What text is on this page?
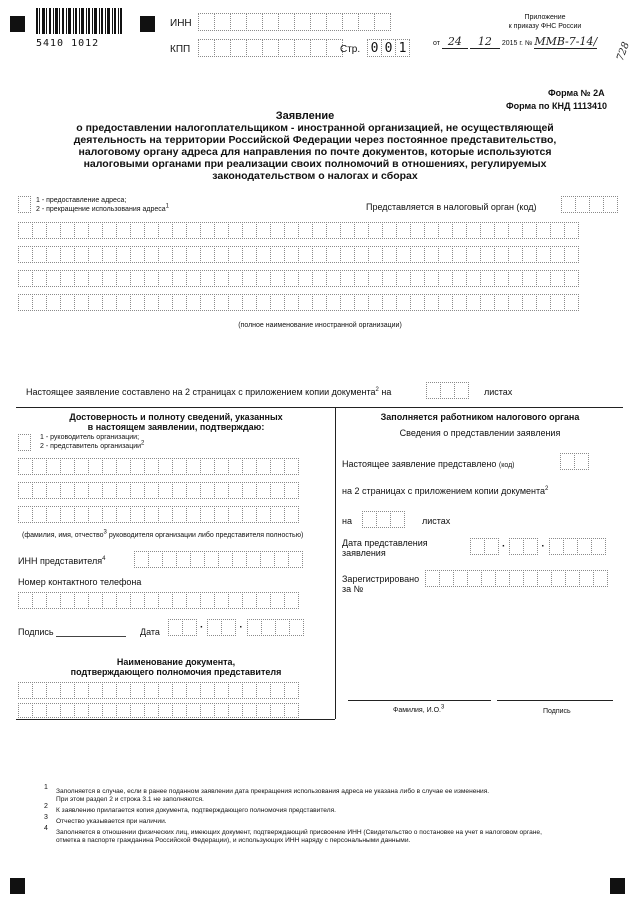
5410 1012
ИНН
КПП	Стр. 0 0 1
Приложение
к приказу ФНС России
от 24 12 2015 г. № ММВ-7-14/	728
Форма № 2А
Форма по КНД 1113410
Заявление
о предоставлении налогоплательщиком - иностранной организацией, не осуществляющей
деятельность на территории Российской Федерации через постоянное представительство,
налоговому органу адреса для направления по почте документов, которые используются
налоговыми органами при реализации своих полномочий в отношениях, регулируемых
законодательством о налогах и сборах
1 - предоставление адреса;
2 - прекращение использования адреса1	Представляется в налоговый орган (код)
(полное наименование иностранной организации)
Настоящее заявление составлено на 2 страницах с приложением копии документа$^2$ на	листах
Достоверность и полноту сведений, указанных
в настоящем заявлении, подтверждаю:
1 - руководитель организации;
2 - представитель организации2
(фамилия, имя, отчество3 руководителя организации либо представителя полностью)
ИНН представителя$^4$
Номер контактного телефона
Подпись	Дата	·	·
Наименование документа,
подтверждающего полномочия представителя
Заполняется работником налогового органа
Сведения о представлении заявления
Настоящее заявление представлено (код)
на 2 страницах с приложением копии документа$^2$
на	листах
Дата представления
заявления
·	·
Зарегистрировано
за №
Фамилия, И.О.3
Подпись
1
Заполняется в случае, если в ранее поданном заявлении дата прекращения использования адреса не указана либо в случае ее изменения.
При этом раздел 2 и строка 3.1 не заполняются.
2
К заявлению прилагается копия документа, подтверждающего полномочия представителя.
3
Отчество указывается при наличии.
4
Заполняется в отношении физических лиц, имеющих документ, подтверждающий присвоение ИНН (Свидетельство о постановке на учет в налоговом органе,
отметка в паспорте гражданина Российской Федерации), и использующих ИНН наряду с персональными данными.
